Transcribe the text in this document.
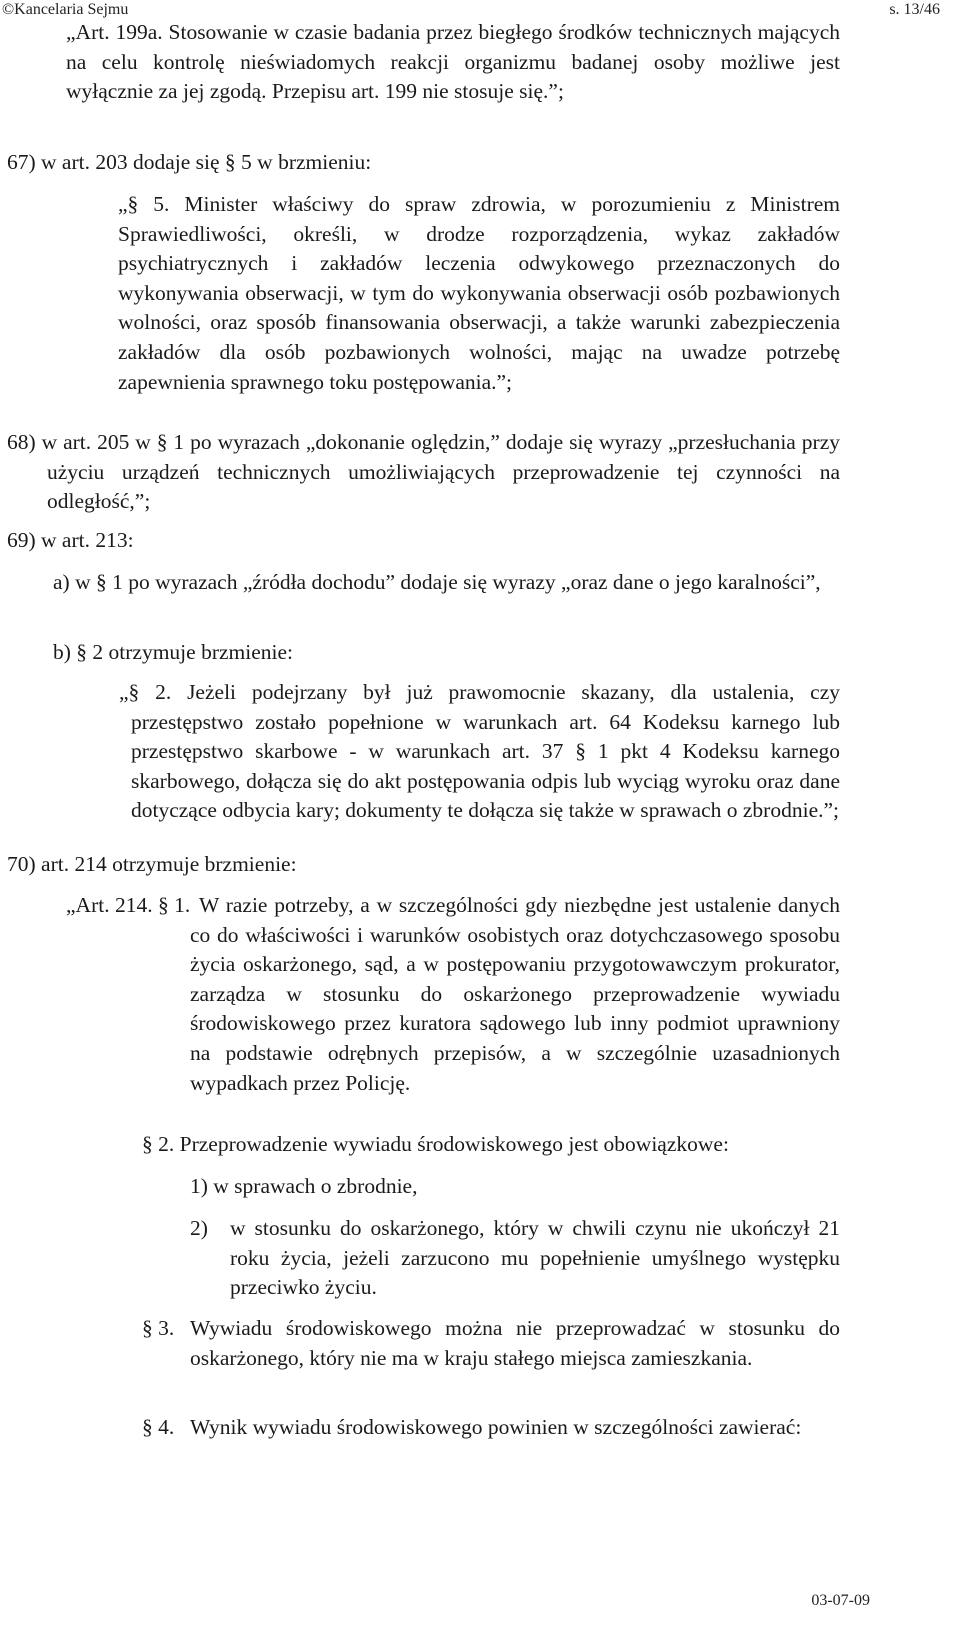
©Kancelaria Sejmu	s. 13/46

„Art. 199a. Stosowanie w czasie badania przez biegłego środków technicznych mających na celu kontrolę nieświadomych reakcji organizmu badanej osoby możliwe jest wyłącznie za jej zgodą. Przepisu art. 199 nie stosuje się.”;

67) w art. 203 dodaje się § 5 w brzmieniu:

„§ 5. Minister właściwy do spraw zdrowia, w porozumieniu z Ministrem Sprawiedliwości, określi, w drodze rozporządzenia, wykaz zakładów psychiatrycznych i zakładów leczenia odwykowego przeznaczonych do wykonywania obserwacji, w tym do wykonywania obserwacji osób pozbawionych wolności, oraz sposób finansowania obserwacji, a także warunki zabezpieczenia zakładów dla osób pozbawionych wolności, mając na uwadze potrzebę zapewnienia sprawnego toku postępowania.”;

68) w art. 205 w § 1 po wyrazach „dokonanie oględzin,” dodaje się wyrazy „przesłuchania przy użyciu urządzeń technicznych umożliwiających przeprowadzenie tej czynności na odległość,”;

69) w art. 213:

a) w § 1 po wyrazach „źródła dochodu” dodaje się wyrazy „oraz dane o jego karalności”,

b) § 2 otrzymuje brzmienie:

„§ 2. Jeżeli podejrzany był już prawomocnie skazany, dla ustalenia, czy przestępstwo zostało popełnione w warunkach art. 64 Kodeksu karnego lub przestępstwo skarbowe - w warunkach art. 37 § 1 pkt 4 Kodeksu karnego skarbowego, dołącza się do akt postępowania odpis lub wyciąg wyroku oraz dane dotyczące odbycia kary; dokumenty te dołącza się także w sprawach o zbrodnie.”;

70) art. 214 otrzymuje brzmienie:

„Art. 214. § 1. W razie potrzeby, a w szczególności gdy niezbędne jest ustalenie danych co do właściwości i warunków osobistych oraz dotychczasowego sposobu życia oskarżonego, sąd, a w postępowaniu przygotowawczym prokurator, zarządza w stosunku do oskarżonego przeprowadzenie wywiadu środowiskowego przez kuratora sądowego lub inny podmiot uprawniony na podstawie odrębnych przepisów, a w szczególnie uzasadnionych wypadkach przez Policję.

§ 2. Przeprowadzenie wywiadu środowiskowego jest obowiązkowe:

1) w sprawach o zbrodnie,

2)	w stosunku do oskarżonego, który w chwili czynu nie ukończył 21 roku życia, jeżeli zarzucono mu popełnienie umyślnego występku przeciwko życiu.

§ 3. Wywiadu środowiskowego można nie przeprowadzać w stosunku do oskarżonego, który nie ma w kraju stałego miejsca zamieszkania.

§ 4. Wynik wywiadu środowiskowego powinien w szczególności zawierać:

03-07-09
